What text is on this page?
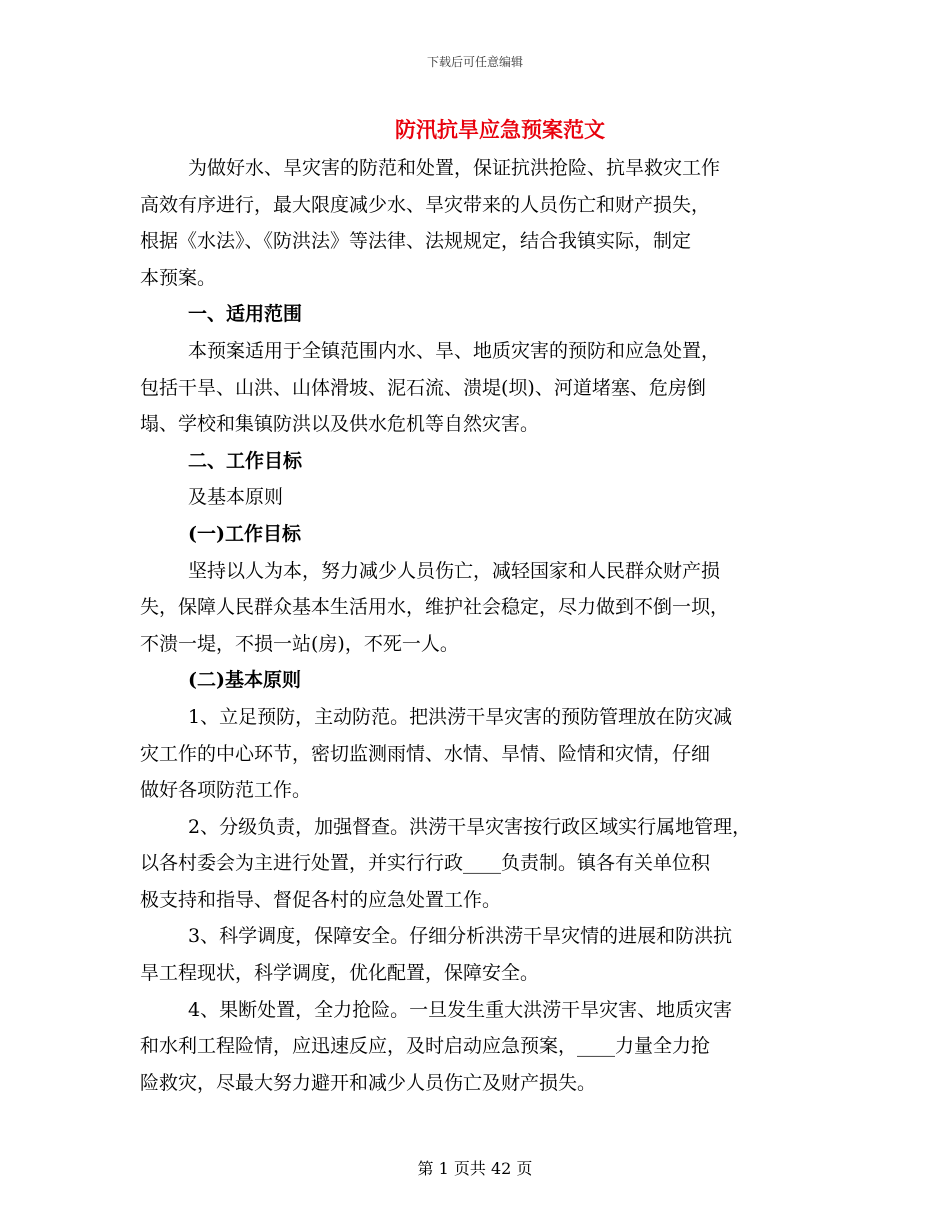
下载后可任意编辑
防汛抗旱应急预案范文

为做好水、旱灾害的防范和处置，保证抗洪抢险、抗旱救灾工作
高效有序进行，最大限度减少水、旱灾带来的人员伤亡和财产损失，
根据《水法》、《防洪法》等法律、法规规定，结合我镇实际，制定
本预案。

一、适用范围

本预案适用于全镇范围内水、旱、地质灾害的预防和应急处置，
包括干旱、山洪、山体滑坡、泥石流、溃堤(坝)、河道堵塞、危房倒
塌、学校和集镇防洪以及供水危机等自然灾害。

二、工作目标

及基本原则

(一)工作目标

坚持以人为本，努力减少人员伤亡，减轻国家和人民群众财产损
失，保障人民群众基本生活用水，维护社会稳定，尽力做到不倒一坝，
不溃一堤，不损一站(房)，不死一人。

(二)基本原则

1、立足预防，主动防范。把洪涝干旱灾害的预防管理放在防灾减
灾工作的中心环节，密切监测雨情、水情、旱情、险情和灾情，仔细
做好各项防范工作。

2、分级负责，加强督查。洪涝干旱灾害按行政区域实行属地管理，
以各村委会为主进行处置，并实行行政____负责制。镇各有关单位积
极支持和指导、督促各村的应急处置工作。

3、科学调度，保障安全。仔细分析洪涝干旱灾情的进展和防洪抗
旱工程现状，科学调度，优化配置，保障安全。

4、果断处置，全力抢险。一旦发生重大洪涝干旱灾害、地质灾害
和水利工程险情，应迅速反应，及时启动应急预案，____力量全力抢
险救灾，尽最大努力避开和减少人员伤亡及财产损失。

第 1 页共 42 页
